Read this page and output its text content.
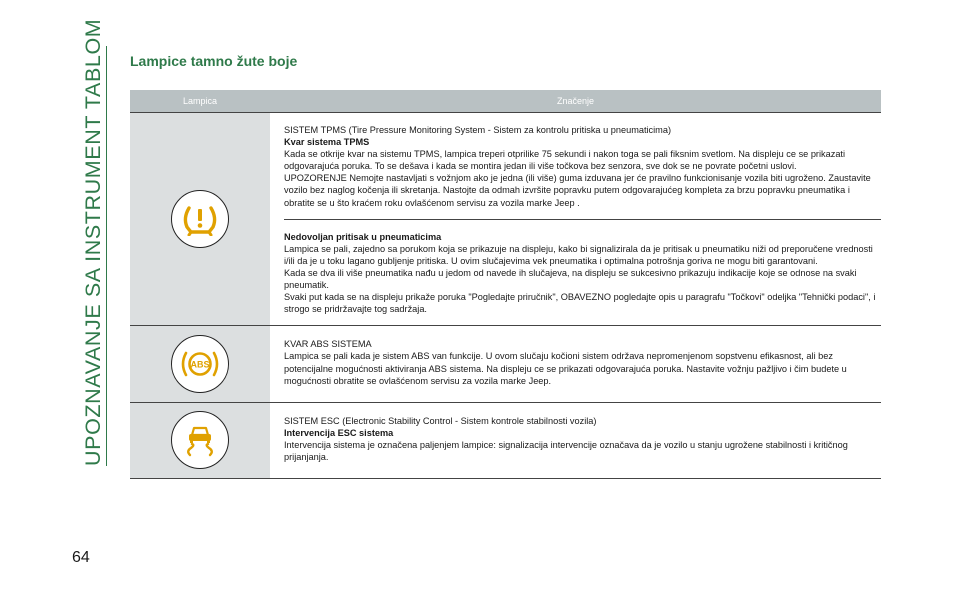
UPOZNAVANJE SA INSTRUMENT TABLOM
64
Lampice tamno žute boje
Lampica	Značenje
SISTEM TPMS (Tire Pressure Monitoring System - Sistem za kontrolu pritiska u pneumaticima)
Kvar sistema TPMS
Kada se otkrije kvar na sistemu TPMS, lampica treperi otprilike 75 sekundi i nakon toga se pali fiksnim svetlom. Na displeju ce se prikazati odgovarajuća poruka. To se dešava i kada se montira jedan ili više točkova bez senzora, sve dok se ne povrate početni uslovi.
UPOZORENJE Nemojte nastavljati s vožnjom ako je jedna (ili više) guma izduvana jer će pravilno funkcionisanje vozila biti ugroženo. Zaustavite vozilo bez naglog kočenja ili skretanja. Nastojte da odmah izvršite popravku putem odgovarajućeg kompleta za brzu popravku pneumatika i obratite se u što kraćem roku ovlašćenom servisu za vozila marke Jeep .
Nedovoljan pritisak u pneumaticima
Lampica se pali, zajedno sa porukom koja se prikazuje na displeju, kako bi signalizirala da je pritisak u pneumatiku niži od preporučene vrednosti i/ili da je u toku lagano gubljenje pritiska. U ovim slučajevima vek pneumatika i optimalna potrošnja goriva ne mogu biti garantovani.
Kada se dva ili više pneumatika nađu u jedom od navede ih slučajeva, na displeju se sukcesivno prikazuju indikacije koje se odnose na svaki pneumatik.
Svaki put kada se na displeju prikaže poruka "Pogledajte priručnik", OBAVEZNO pogledajte opis u paragrafu "Točkovi" odeljka "Tehnički podaci", i strogo se pridržavajte tog sadržaja.
ABS
KVAR ABS SISTEMA
Lampica se pali kada je sistem ABS van funkcije. U ovom slučaju kočioni sistem održava nepromenjenom sopstvenu efikasnost, ali bez potencijalne mogućnosti aktiviranja ABS sistema. Na displeju ce se prikazati odgovarajuća poruka. Nastavite vožnju pažljivo i čim budete u mogućnosti obratite se ovlašćenom servisu za vozila marke Jeep.
SISTEM ESC (Electronic Stability Control - Sistem kontrole stabilnosti vozila)
Intervencija ESC sistema
Intervencija sistema je označena paljenjem lampice: signalizacija intervencije označava da je vozilo u stanju ugrožene stabilnosti i kritičnog prijanjanja.
